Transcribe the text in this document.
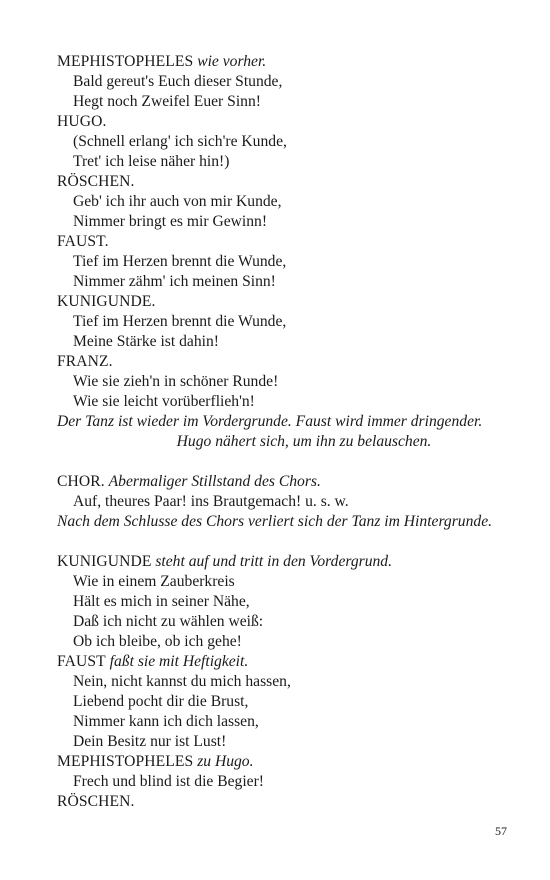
MEPHISTOPHELES wie vorher.
Bald gereut's Euch dieser Stunde,
Hegt noch Zweifel Euer Sinn!
HUGO.
(Schnell erlang' ich sich're Kunde,
Tret' ich leise näher hin!)
RÖSCHEN.
Geb' ich ihr auch von mir Kunde,
Nimmer bringt es mir Gewinn!
FAUST.
Tief im Herzen brennt die Wunde,
Nimmer zähm' ich meinen Sinn!
KUNIGUNDE.
Tief im Herzen brennt die Wunde,
Meine Stärke ist dahin!
FRANZ.
Wie sie zieh'n in schöner Runde!
Wie sie leicht vorüberflieh'n!
Der Tanz ist wieder im Vordergrunde. Faust wird immer dringender.
Hugo nähert sich, um ihn zu belauschen.
CHOR. Abermaliger Stillstand des Chors.
Auf, theures Paar! ins Brautgemach! u. s. w.
Nach dem Schlusse des Chors verliert sich der Tanz im Hintergrunde.
KUNIGUNDE steht auf und tritt in den Vordergrund.
Wie in einem Zauberkreis
Hält es mich in seiner Nähe,
Daß ich nicht zu wählen weiß:
Ob ich bleibe, ob ich gehe!
FAUST faßt sie mit Heftigkeit.
Nein, nicht kannst du mich hassen,
Liebend pocht dir die Brust,
Nimmer kann ich dich lassen,
Dein Besitz nur ist Lust!
MEPHISTOPHELES zu Hugo.
Frech und blind ist die Begier!
RÖSCHEN.
57
